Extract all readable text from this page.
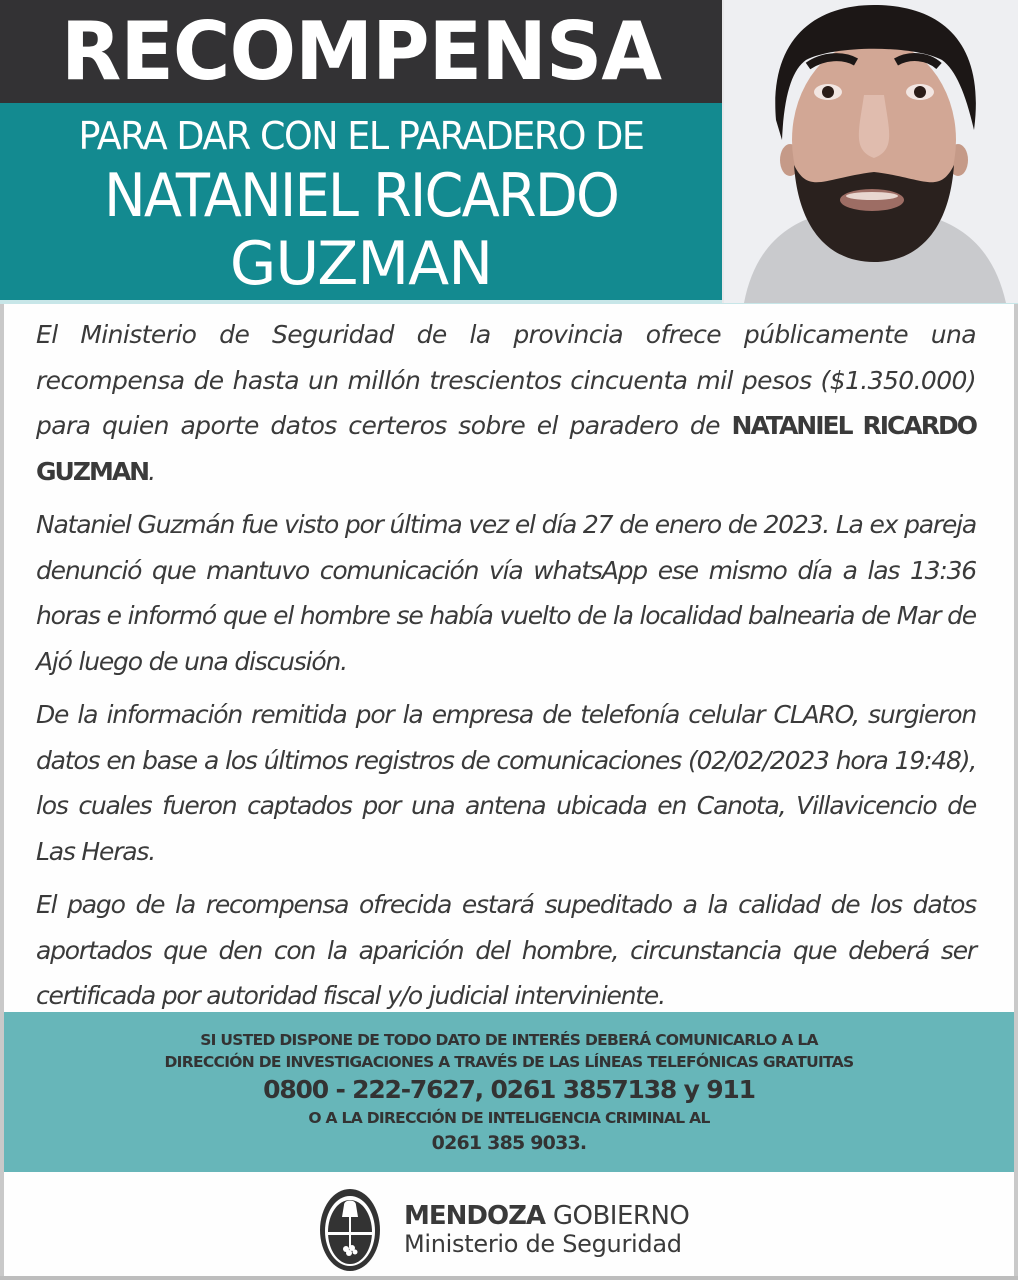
RECOMPENSA
PARA DAR CON EL PARADERO DE
NATANIEL RICARDO
GUZMAN

El Ministerio de Seguridad de la provincia ofrece públicamente una recompensa de hasta un millón trescientos cincuenta mil pesos ($1.350.000) para quien aporte datos certeros sobre el paradero de NATANIEL RICARDO GUZMAN.

Nataniel Guzmán fue visto por última vez el día 27 de enero de 2023. La ex pareja denunció que mantuvo comunicación vía whatsApp ese mismo día a las 13:36 horas e informó que el hombre se había vuelto de la localidad balnearia de Mar de Ajó luego de una discusión.

De la información remitida por la empresa de telefonía celular CLARO, surgieron datos en base a los últimos registros de comunicaciones (02/02/2023 hora 19:48), los cuales fueron captados por una antena ubicada en Canota, Villavicencio de Las Heras.

El pago de la recompensa ofrecida estará supeditado a la calidad de los datos aportados que den con la aparición del hombre, circunstancia que deberá ser certificada por autoridad fiscal y/o judicial interviniente.

SI USTED DISPONE DE TODO DATO DE INTERÉS DEBERÁ COMUNICARLO A LA
DIRECCIÓN DE INVESTIGACIONES A TRAVÉS DE LAS LÍNEAS TELEFÓNICAS GRATUITAS
0800 - 222-7627, 0261 3857138 y 911
O A LA DIRECCIÓN DE INTELIGENCIA CRIMINAL AL
0261 385 9033.
MENDOZA GOBIERNO
Ministerio de Seguridad
